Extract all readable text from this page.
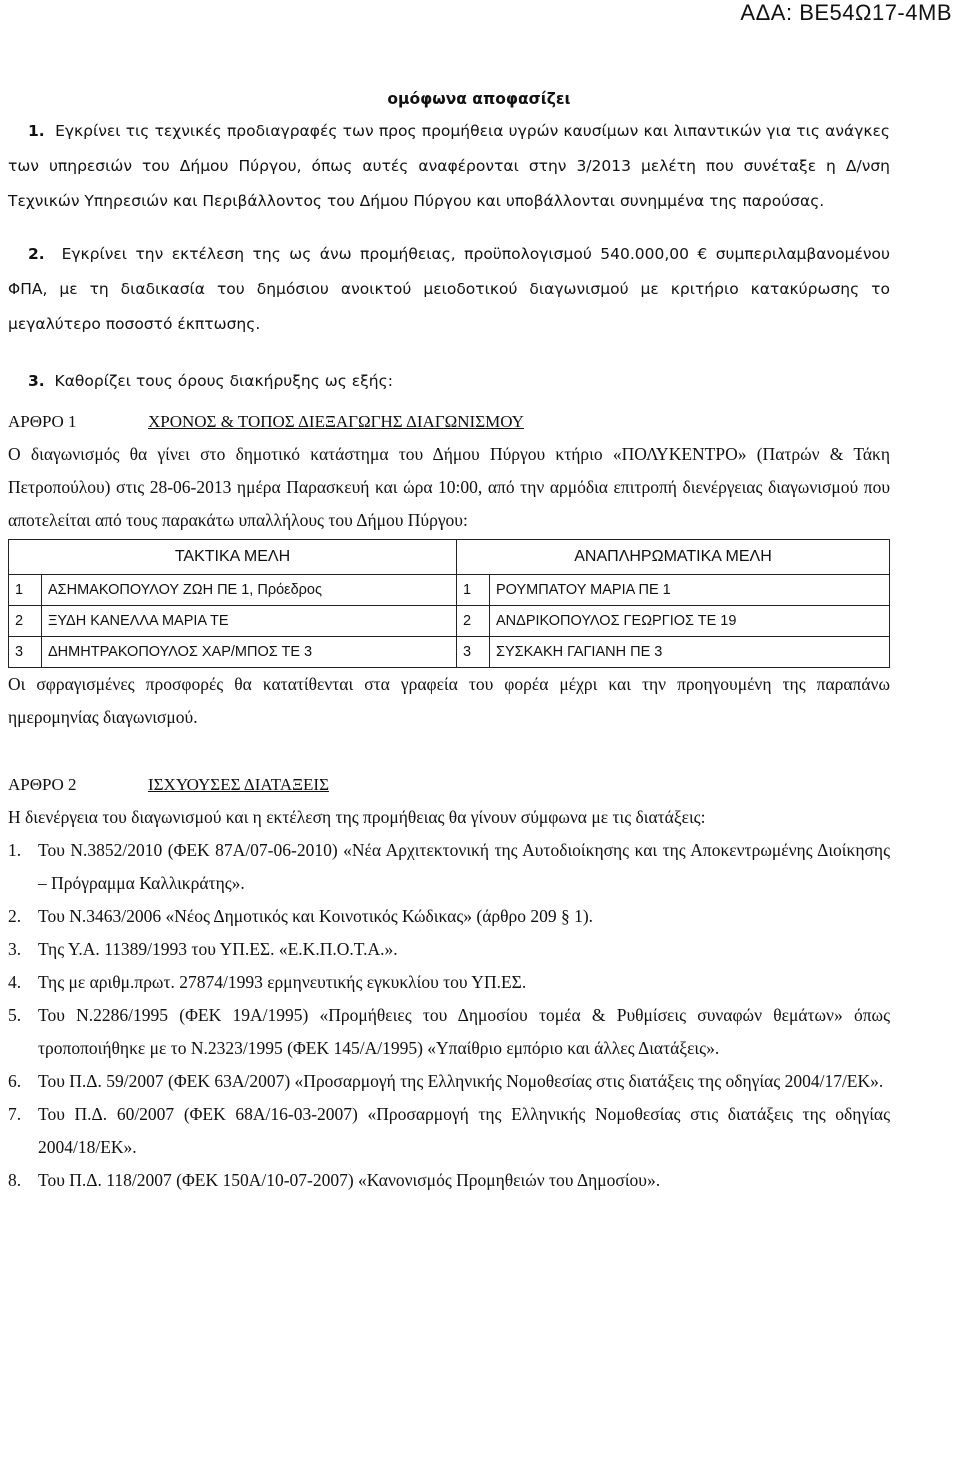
ΑΔΑ: ΒΕ54Ω17-4ΜΒ
ομόφωνα αποφασίζει

1. Εγκρίνει τις τεχνικές προδιαγραφές των προς προμήθεια υγρών καυσίμων και λιπαντικών για τις ανάγκες των υπηρεσιών του Δήμου Πύργου, όπως αυτές αναφέρονται στην 3/2013 μελέτη που συνέταξε η Δ/νση Τεχνικών Υπηρεσιών και Περιβάλλοντος του Δήμου Πύργου και υποβάλλονται συνημμένα της παρούσας.

2. Εγκρίνει την εκτέλεση της ως άνω προμήθειας, προϋπολογισμού 540.000,00 € συμπεριλαμβανομένου ΦΠΑ, με τη διαδικασία του δημόσιου ανοικτού μειοδοτικού διαγωνισμού με κριτήριο κατακύρωσης το μεγαλύτερο ποσοστό έκπτωσης.

3. Καθορίζει τους όρους διακήρυξης ως εξής:

ΑΡΘΡΟ 1	ΧΡΟΝΟΣ & ΤΟΠΟΣ ΔΙΕΞΑΓΩΓΗΣ ΔΙΑΓΩΝΙΣΜΟΥ

Ο διαγωνισμός θα γίνει στο δημοτικό κατάστημα του Δήμου Πύργου κτήριο «ΠΟΛΥΚΕΝΤΡΟ» (Πατρών & Τάκη Πετροπούλου) στις 28-06-2013 ημέρα Παρασκευή και ώρα 10:00, από την αρμόδια επιτροπή διενέργειας διαγωνισμού που αποτελείται από τους παρακάτω υπαλλήλους του Δήμου Πύργου:

ΤΑΚΤΙΚΑ ΜΕΛΗ		ΑΝΑΠΛΗΡΩΜΑΤΙΚΑ ΜΕΛΗ	
1	ΑΣΗΜΑΚΟΠΟΥΛΟΥ ΖΩΗ ΠΕ 1, Πρόεδρος	1	ΡΟΥΜΠΑΤΟΥ ΜΑΡΙΑ ΠΕ 1
2	ΞΥΔΗ ΚΑΝΕΛΛΑ ΜΑΡΙΑ ΤΕ	2	ΑΝΔΡΙΚΟΠΟΥΛΟΣ ΓΕΩΡΓΙΟΣ ΤΕ 19
3	ΔΗΜΗΤΡΑΚΟΠΟΥΛΟΣ ΧΑΡ/ΜΠΟΣ ΤΕ 3	3	ΣΥΣΚΑΚΗ ΓΑΓΙΑΝΗ ΠΕ 3

Οι σφραγισμένες προσφορές θα κατατίθενται στα γραφεία του φορέα μέχρι και την προηγουμένη της παραπάνω ημερομηνίας διαγωνισμού.

ΑΡΘΡΟ 2	ΙΣΧΥΟΥΣΕΣ ΔΙΑΤΑΞΕΙΣ

Η διενέργεια του διαγωνισμού και η εκτέλεση της προμήθειας θα γίνουν σύμφωνα με τις διατάξεις:

1. Του Ν.3852/2010 (ΦΕΚ 87Α/07-06-2010) «Νέα Αρχιτεκτονική της Αυτοδιοίκησης και της Αποκεντρωμένης Διοίκησης – Πρόγραμμα Καλλικράτης».
2. Του Ν.3463/2006 «Νέος Δημοτικός και Κοινοτικός Κώδικας» (άρθρο 209 § 1).
3. Της Υ.Α. 11389/1993 του ΥΠ.ΕΣ. «Ε.Κ.Π.Ο.Τ.Α.».
4. Της με αριθμ.πρωτ. 27874/1993 ερμηνευτικής εγκυκλίου του ΥΠ.ΕΣ.
5. Του Ν.2286/1995 (ΦΕΚ 19Α/1995) «Προμήθειες του Δημοσίου τομέα & Ρυθμίσεις συναφών θεμάτων» όπως τροποποιήθηκε με το Ν.2323/1995 (ΦΕΚ 145/Α/1995) «Υπαίθριο εμπόριο και άλλες Διατάξεις».
6. Του Π.Δ. 59/2007 (ΦΕΚ 63Α/2007) «Προσαρμογή της Ελληνικής Νομοθεσίας στις διατάξεις της οδηγίας 2004/17/ΕΚ».
7. Του Π.Δ. 60/2007 (ΦΕΚ 68Α/16-03-2007) «Προσαρμογή της Ελληνικής Νομοθεσίας στις διατάξεις της οδηγίας 2004/18/ΕΚ».
8. Του Π.Δ. 118/2007 (ΦΕΚ 150Α/10-07-2007) «Κανονισμός Προμηθειών του Δημοσίου».
